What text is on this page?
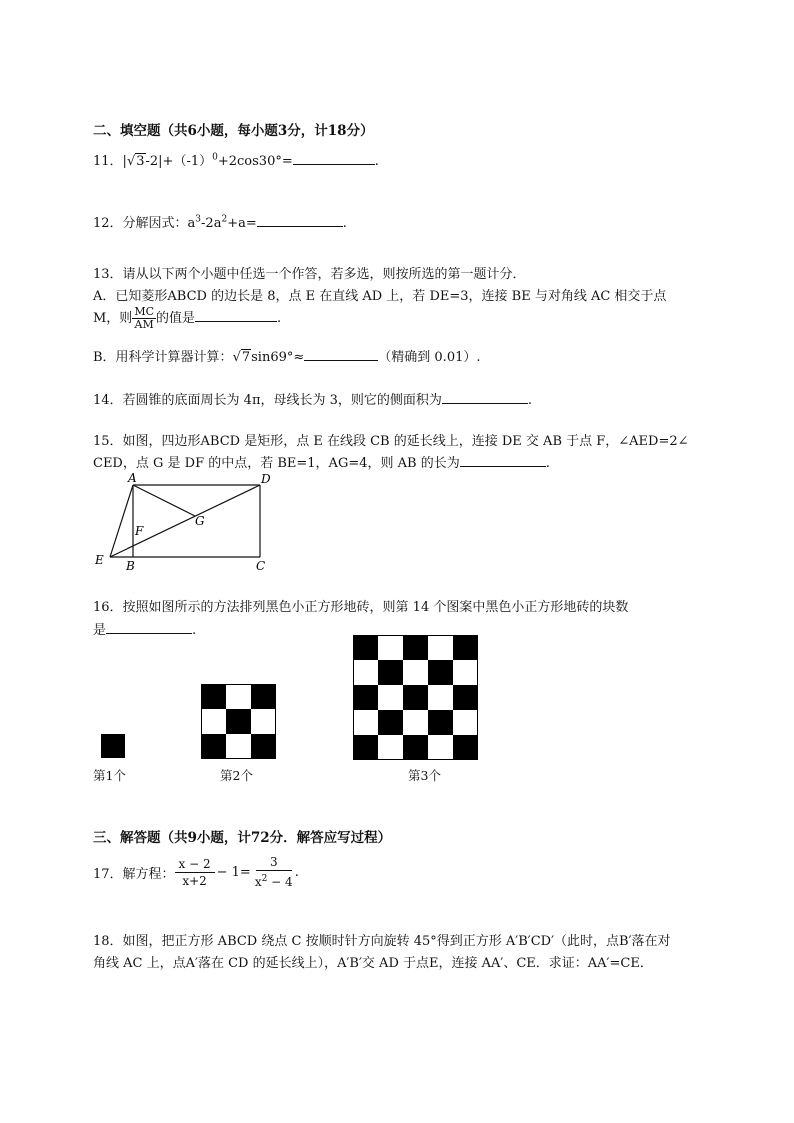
二、填空题（共6小题，每小题3分，计18分）
11．$|√3-2|+(-1)^0+2\cos 30^\circ=$	.
12．分解因式：$a^3-2a^2+a=$	.
13．请从以下两个小题中任选一个作答，若多选，则按所选的第一题计分．
A．已知菱形ABCD 的边长是 8，点 E 在直线 AD 上，若 DE=3，连接 BE 与对角线 AC 相交于点
M，则 $\frac{MC}{AM}$ 的值是	.
B．用科学计算器计算：√7sin69°≈	（精确到 0.01）.
14．若圆锥的底面周长为 4π，母线长为 3，则它的侧面积为	.
15．如图，四边形ABCD 是矩形，点 E 在线段 CB 的延长线上，连接 DE 交 AB 于点 F，∠AED=2∠
CED，点 G 是 DF 的中点，若 BE=1，AG=4，则 AB 的长为	.
A	D
G
F
E B	C
16．按照如图所示的方法排列黑色小正方形地砖，则第 14 个图案中黑色小正方形地砖的块数
是	.
第1个	第2个	第3个
三、解答题（共9小题，计72分．解答应写过程）
17．解方程： $\frac{x - 2}{x+2} - 1= \frac{3}{x^2 - 4}$ .
18．如图，把正方形 ABCD 绕点 C 按顺时针方向旋转 45°得到正方形 A′B′CD′（此时，点B′落在对
角线 AC 上，点A′落在 CD 的延长线上），A′B′交 AD 于点E，连接 AA′、CE．求证：AA′=CE．
